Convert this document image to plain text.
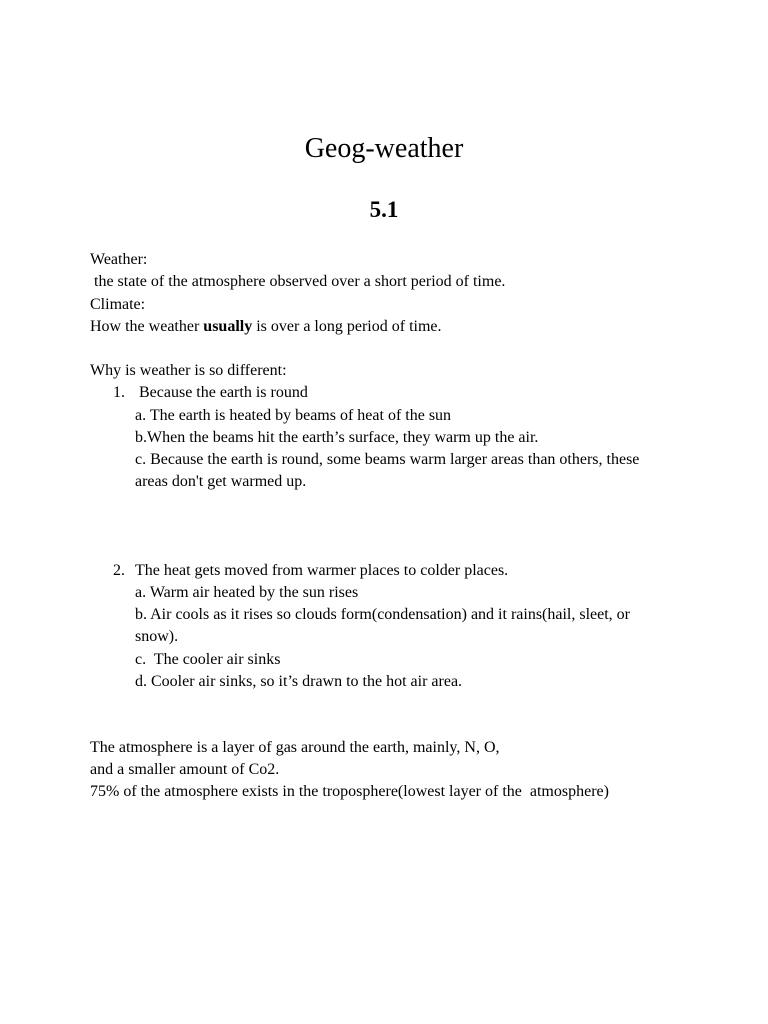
Geog-weather
5.1
Weather:
the state of the atmosphere observed over a short period of time.
Climate:
How the weather usually is over a long period of time.
Why is weather is so different:
1. Because the earth is round
a. The earth is heated by beams of heat of the sun
b.When the beams hit the earth’s surface, they warm up the air.
c. Because the earth is round, some beams warm larger areas than others, these
areas don't get warmed up.
2. The heat gets moved from warmer places to colder places.
a. Warm air heated by the sun rises
b. Air cools as it rises so clouds form(condensation) and it rains(hail, sleet, or
snow).
c.  The cooler air sinks
d. Cooler air sinks, so it’s drawn to the hot air area.
The atmosphere is a layer of gas around the earth, mainly, N, O,
and a smaller amount of Co2.
75% of the atmosphere exists in the troposphere(lowest layer of the  atmosphere)
